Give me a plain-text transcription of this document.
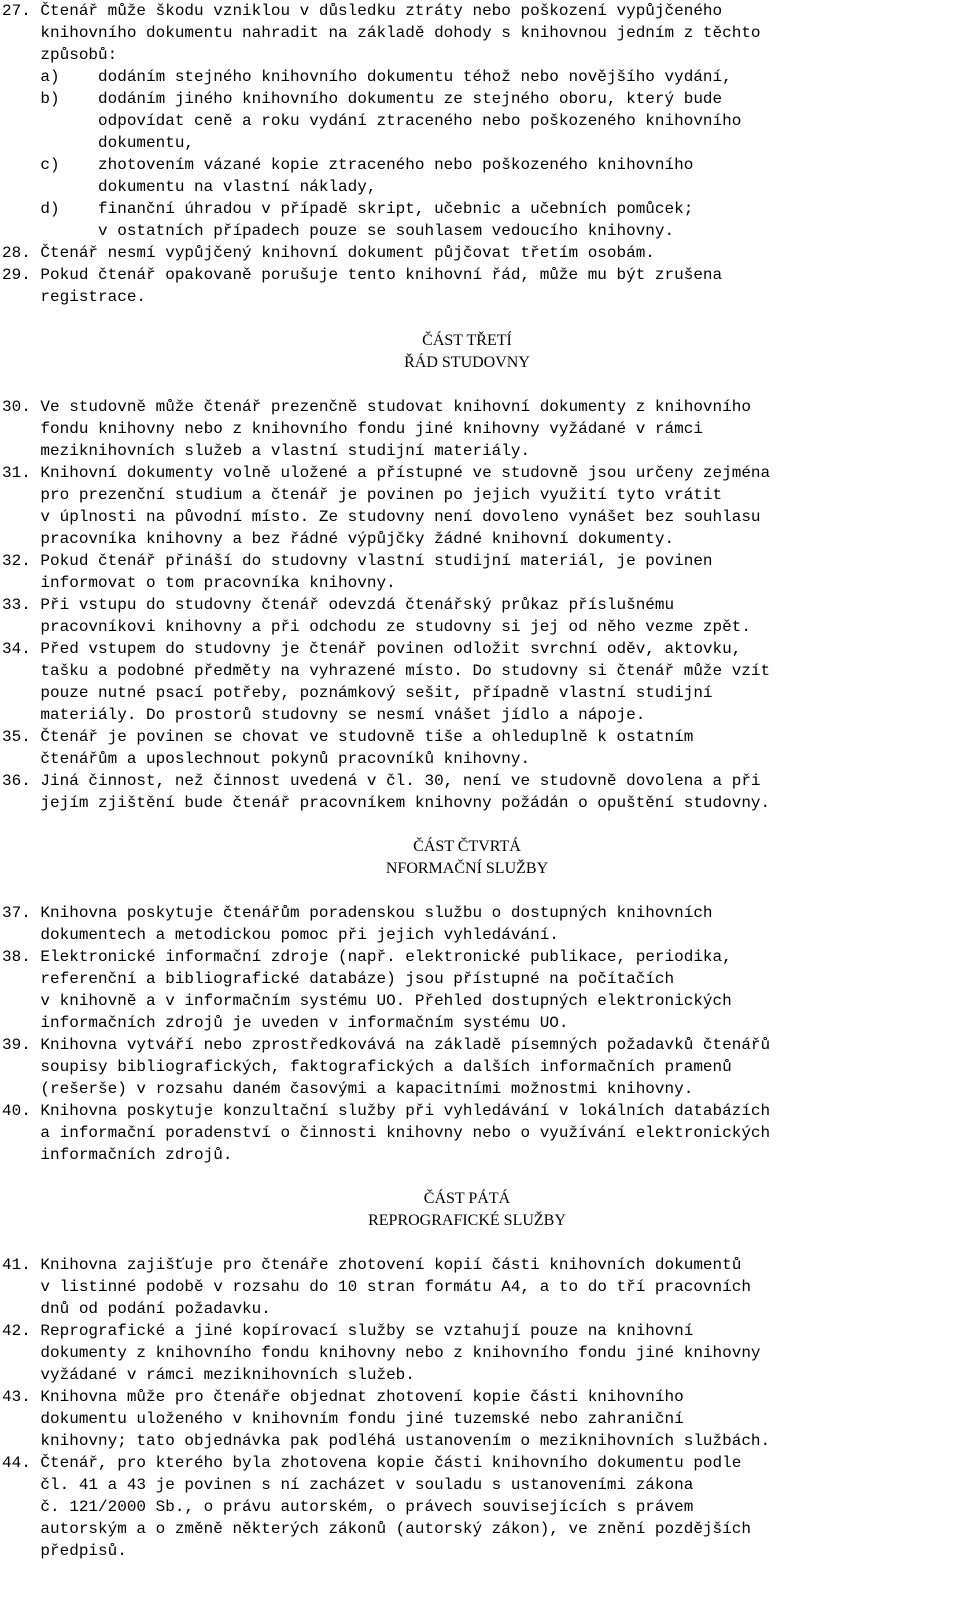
27. Čtenář může škodu vzniklou v důsledku ztráty nebo poškození vypůjčeného
knihovního dokumentu nahradit na základě dohody s knihovnou jedním z těchto
způsobů:
a)    dodáním stejného knihovního dokumentu téhož nebo novějšího vydání,
b)    dodáním jiného knihovního dokumentu ze stejného oboru, který bude
odpovídat ceně a roku vydání ztraceného nebo poškozeného knihovního
dokumentu,
c)    zhotovením vázané kopie ztraceného nebo poškozeného knihovního
dokumentu na vlastní náklady,
d)    finanční úhradou v případě skript, učebnic a učebních pomůcek;
v ostatních případech pouze se souhlasem vedoucího knihovny.
28. Čtenář nesmí vypůjčený knihovní dokument půjčovat třetím osobám.
29. Pokud čtenář opakovaně porušuje tento knihovní řád, může mu být zrušena
registrace.
ČÁST TŘETÍ
ŘÁD STUDOVNY
30. Ve studovně může čtenář prezenčně studovat knihovní dokumenty z knihovního
fondu knihovny nebo z knihovního fondu jiné knihovny vyžádané v rámci
meziknihovních služeb a vlastní studijní materiály.
31. Knihovní dokumenty volně uložené a přístupné ve studovně jsou určeny zejména
pro prezenční studium a čtenář je povinen po jejich využití tyto vrátit
v úplnosti na původní místo. Ze studovny není dovoleno vynášet bez souhlasu
pracovníka knihovny a bez řádné výpůjčky žádné knihovní dokumenty.
32. Pokud čtenář přináší do studovny vlastní studijní materiál, je povinen
informovat o tom pracovníka knihovny.
33. Při vstupu do studovny čtenář odevzdá čtenářský průkaz příslušnému
pracovníkovi knihovny a při odchodu ze studovny si jej od něho vezme zpět.
34. Před vstupem do studovny je čtenář povinen odložit svrchní oděv, aktovku,
tašku a podobné předměty na vyhrazené místo. Do studovny si čtenář může vzít
pouze nutné psací potřeby, poznámkový sešit, případně vlastní studijní
materiály. Do prostorů studovny se nesmí vnášet jídlo a nápoje.
35. Čtenář je povinen se chovat ve studovně tiše a ohleduplně k ostatním
čtenářům a uposlechnout pokynů pracovníků knihovny.
36. Jiná činnost, než činnost uvedená v čl. 30, není ve studovně dovolena a při
jejím zjištění bude čtenář pracovníkem knihovny požádán o opuštění studovny.
ČÁST ČTVRTÁ
NFORMAČNÍ SLUŽBY
37. Knihovna poskytuje čtenářům poradenskou službu o dostupných knihovních
dokumentech a metodickou pomoc při jejich vyhledávání.
38. Elektronické informační zdroje (např. elektronické publikace, periodika,
referenční a bibliografické databáze) jsou přístupné na počítačích
v knihovně a v informačním systému UO. Přehled dostupných elektronických
informačních zdrojů je uveden v informačním systému UO.
39. Knihovna vytváří nebo zprostředkovává na základě písemných požadavků čtenářů
soupisy bibliografických, faktografických a dalších informačních pramenů
(rešerše) v rozsahu daném časovými a kapacitními možnostmi knihovny.
40. Knihovna poskytuje konzultační služby při vyhledávání v lokálních databázích
a informační poradenství o činnosti knihovny nebo o využívání elektronických
informačních zdrojů.
ČÁST PÁTÁ
REPROGRAFICKÉ SLUŽBY
41. Knihovna zajišťuje pro čtenáře zhotovení kopií části knihovních dokumentů
v listinné podobě v rozsahu do 10 stran formátu A4, a to do tří pracovních
dnů od podání požadavku.
42. Reprografické a jiné kopírovací služby se vztahují pouze na knihovní
dokumenty z knihovního fondu knihovny nebo z knihovního fondu jiné knihovny
vyžádané v rámci meziknihovních služeb.
43. Knihovna může pro čtenáře objednat zhotovení kopie části knihovního
dokumentu uloženého v knihovním fondu jiné tuzemské nebo zahraniční
knihovny; tato objednávka pak podléhá ustanovením o meziknihovních službách.
44. Čtenář, pro kterého byla zhotovena kopie části knihovního dokumentu podle
čl. 41 a 43 je povinen s ní zacházet v souladu s ustanoveními zákona
č. 121/2000 Sb., o právu autorském, o právech souvisejících s právem
autorským a o změně některých zákonů (autorský zákon), ve znění pozdějších
předpisů.
